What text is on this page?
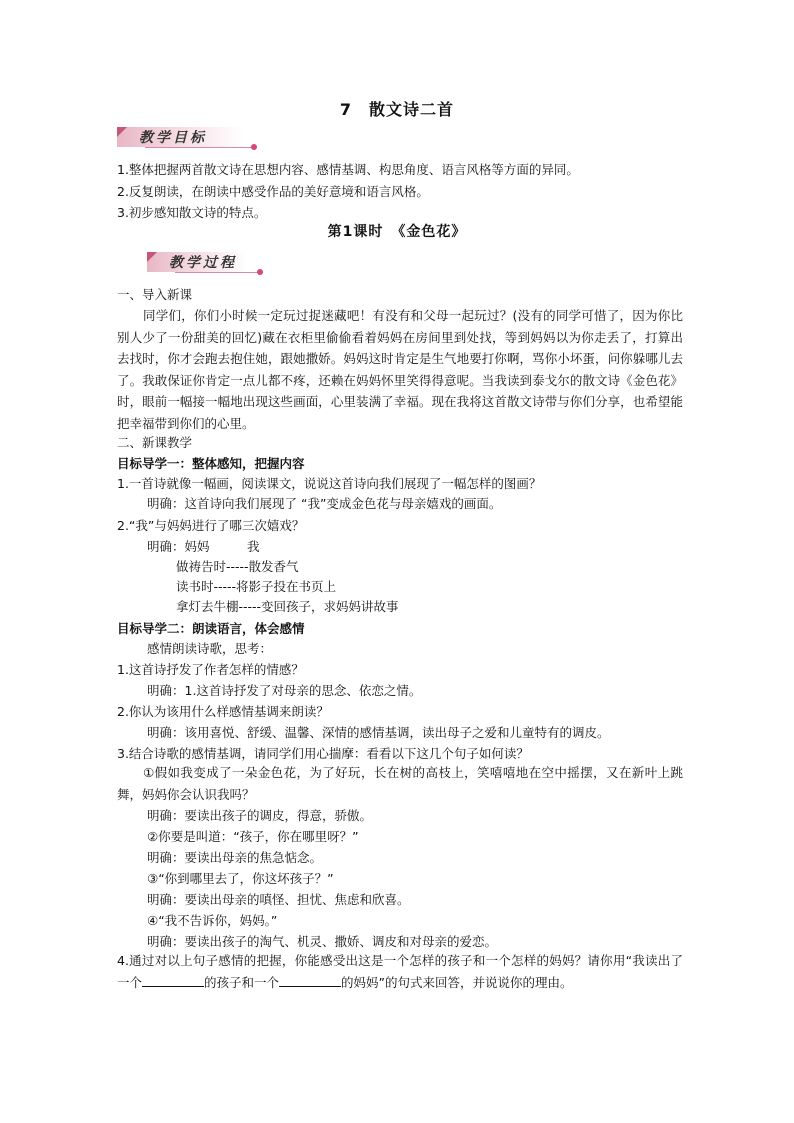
7　散文诗二首
教学目标
1.整体把握两首散文诗在思想内容、感情基调、构思角度、语言风格等方面的异同。
2.反复朗读，在朗读中感受作品的美好意境和语言风格。
3.初步感知散文诗的特点。
第1课时　《金色花》
教学过程
一、导入新课
同学们，你们小时候一定玩过捉迷藏吧！有没有和父母一起玩过？(没有的同学可惜了，因为你比别人少了一份甜美的回忆)藏在衣柜里偷偷看着妈妈在房间里到处找，等到妈妈以为你走丢了，打算出去找时，你才会跑去抱住她，跟她撒娇。妈妈这时肯定是生气地要打你啊，骂你小坏蛋，问你躲哪儿去了。我敢保证你肯定一点儿都不疼，还赖在妈妈怀里笑得得意呢。当我读到泰戈尔的散文诗《金色花》时，眼前一幅接一幅地出现这些画面，心里装满了幸福。现在我将这首散文诗带与你们分享，也希望能把幸福带到你们的心里。
二、新课教学
目标导学一：整体感知，把握内容
1.一首诗就像一幅画，阅读课文，说说这首诗向我们展现了一幅怎样的图画？
明确：这首诗向我们展现了 “我”变成金色花与母亲嬉戏的画面。
2.“我”与妈妈进行了哪三次嬉戏？
明确：妈妈　　　我
做祷告时-----散发香气
读书时-----将影子投在书页上
拿灯去牛棚-----变回孩子，求妈妈讲故事
目标导学二：朗读语言，体会感情
感情朗读诗歌，思考：
1.这首诗抒发了作者怎样的情感？
明确：1.这首诗抒发了对母亲的思念、依恋之情。
2.你认为该用什么样感情基调来朗读？
明确：该用喜悦、舒缓、温馨、深情的感情基调，读出母子之爱和儿童特有的调皮。
3.结合诗歌的感情基调，请同学们用心揣摩：看看以下这几个句子如何读？
①假如我变成了一朵金色花，为了好玩，长在树的高枝上，笑嘻嘻地在空中摇摆，又在新叶上跳舞，妈妈你会认识我吗？
明确：要读出孩子的调皮，得意，骄傲。
②你要是叫道：“孩子，你在哪里呀？”
明确：要读出母亲的焦急惦念。
③“你到哪里去了，你这坏孩子？”
明确：要读出母亲的嗔怪、担忧、焦虑和欣喜。
④“我不告诉你，妈妈。”
明确：要读出孩子的淘气、机灵、撒娇、调皮和对母亲的爱恋。
4.通过对以上句子感情的把握，你能感受出这是一个怎样的孩子和一个怎样的妈妈？请你用“我读出了一个	的孩子和一个	的妈妈”的句式来回答，并说说你的理由。
